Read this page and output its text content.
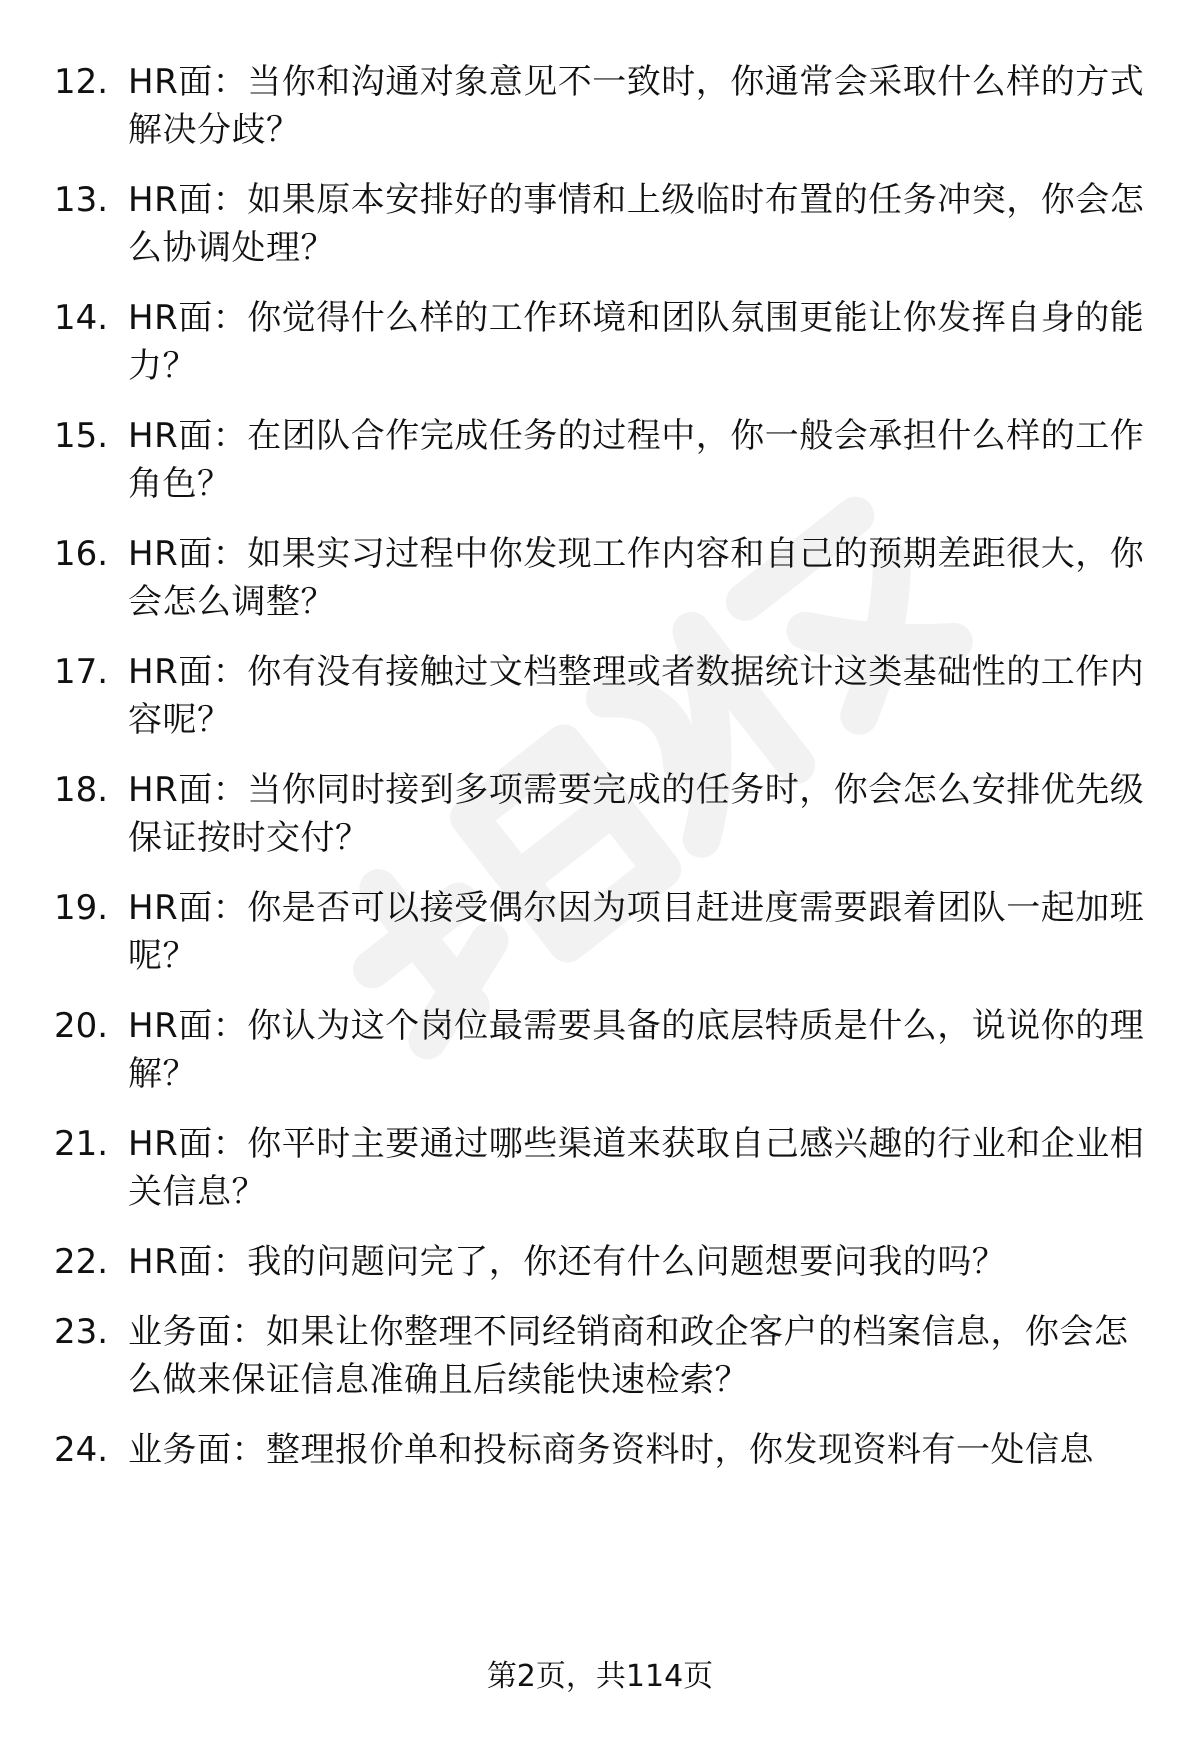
12. HR面：当你和沟通对象意见不一致时，你通常会采取什么样的方式解决分歧？
13. HR面：如果原本安排好的事情和上级临时布置的任务冲突，你会怎么协调处理？
14. HR面：你觉得什么样的工作环境和团队氛围更能让你发挥自身的能力？
15. HR面：在团队合作完成任务的过程中，你一般会承担什么样的工作角色？
16. HR面：如果实习过程中你发现工作内容和自己的预期差距很大，你会怎么调整？
17. HR面：你有没有接触过文档整理或者数据统计这类基础性的工作内容呢？
18. HR面：当你同时接到多项需要完成的任务时，你会怎么安排优先级保证按时交付？
19. HR面：你是否可以接受偶尔因为项目赶进度需要跟着团队一起加班呢？
20. HR面：你认为这个岗位最需要具备的底层特质是什么，说说你的理解？
21. HR面：你平时主要通过哪些渠道来获取自己感兴趣的行业和企业相关信息？
22. HR面：我的问题问完了，你还有什么问题想要问我的吗？
23. 业务面：如果让你整理不同经销商和政企客户的档案信息，你会怎么做来保证信息准确且后续能快速检索？
24. 业务面：整理报价单和投标商务资料时，你发现资料有一处信息
第2页，共114页
